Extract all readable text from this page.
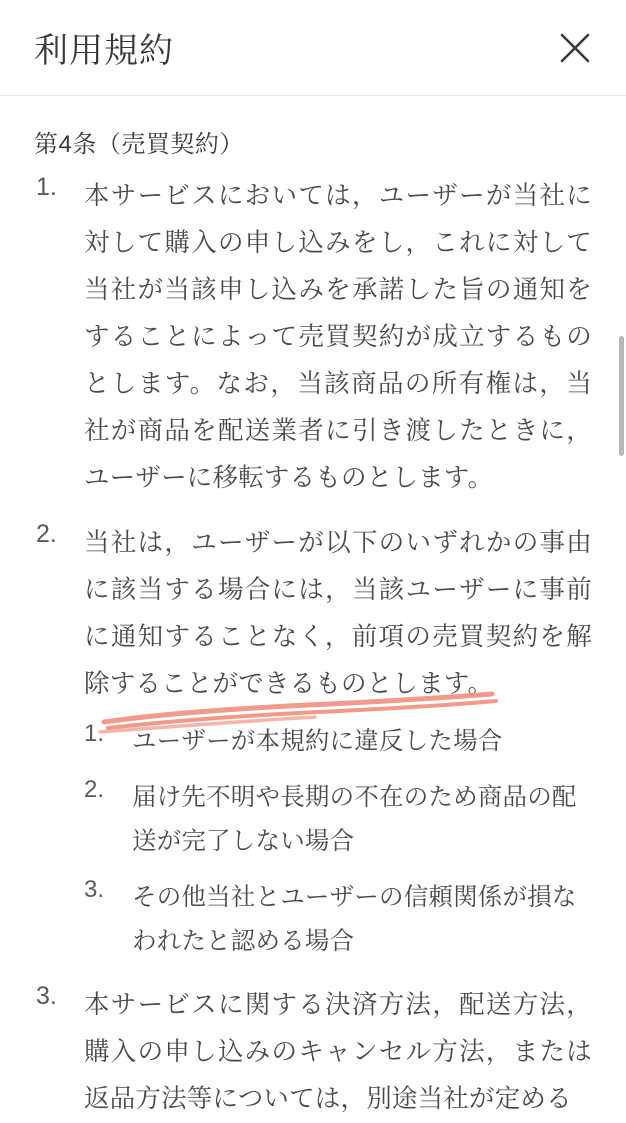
利用規約
第4条（売買契約）
1.	本サービスにおいては，ユーザーが当社に対して購入の申し込みをし，これに対して当社が当該申し込みを承諾した旨の通知をすることによって売買契約が成立するものとします。なお，当該商品の所有権は，当社が商品を配送業者に引き渡したときに，ユーザーに移転するものとします。
2.	当社は，ユーザーが以下のいずれかの事由に該当する場合には，当該ユーザーに事前に通知することなく，前項の売買契約を解除することができるものとします。
1. ユーザーが本規約に違反した場合
2. 届け先不明や長期の不在のため商品の配送が完了しない場合
3. その他当社とユーザーの信頼関係が損なわれたと認める場合
3.	本サービスに関する決済方法，配送方法，購入の申し込みのキャンセル方法，または返品方法等については，別途当社が定める
